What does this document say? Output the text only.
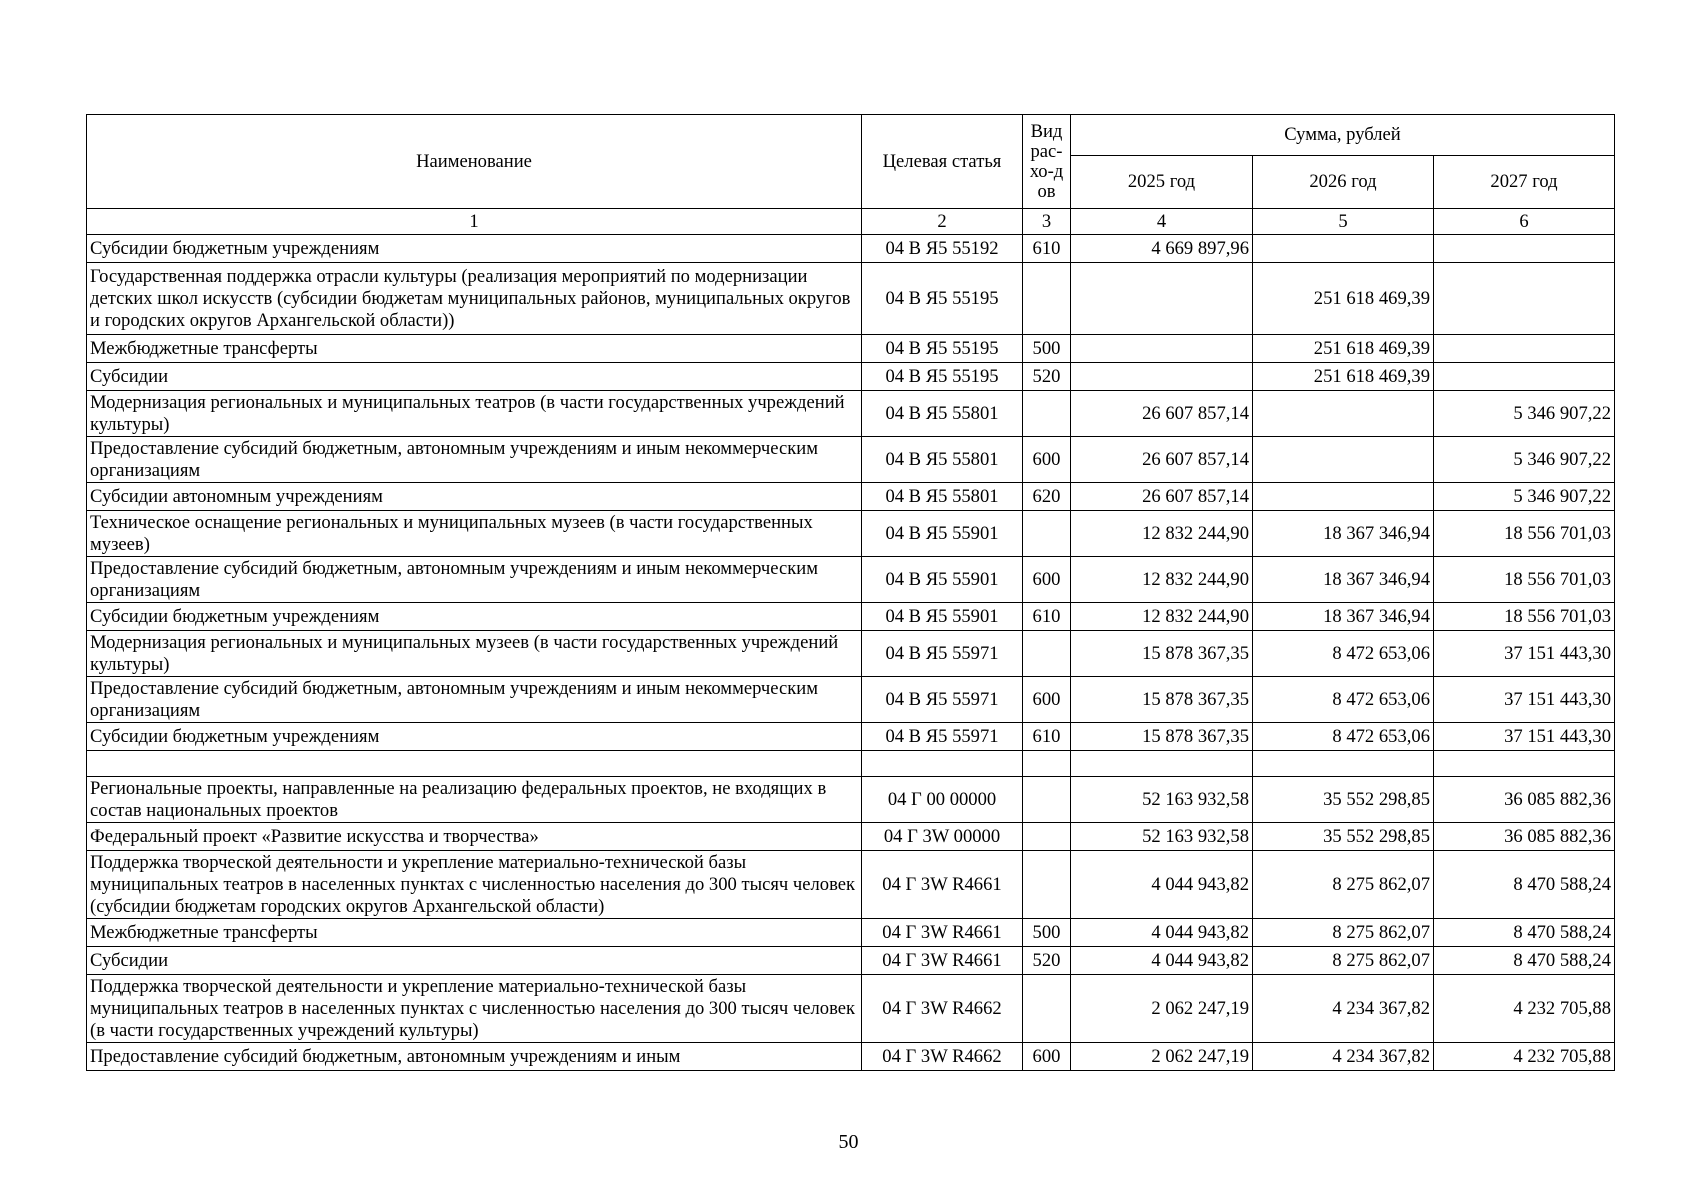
Наименование	Целевая статья	Вид рас-хо-дов	Сумма, рублей		
			2025 год	2026 год	2027 год
1	2	3	4	5	6
Субсидии бюджетным учреждениям	04 В Я5 55192	610	4 669 897,96		
Государственная поддержка отрасли культуры (реализация мероприятий по модернизации детских школ искусств (субсидии бюджетам муниципальных районов, муниципальных округов и городских округов Архангельской области))	04 В Я5 55195			251 618 469,39	
Межбюджетные трансферты	04 В Я5 55195	500		251 618 469,39	
Субсидии	04 В Я5 55195	520		251 618 469,39	
Модернизация региональных и муниципальных театров (в части государственных учреждений культуры)	04 В Я5 55801		26 607 857,14		5 346 907,22
Предоставление субсидий бюджетным, автономным учреждениям и иным некоммерческим организациям	04 В Я5 55801	600	26 607 857,14		5 346 907,22
Субсидии автономным учреждениям	04 В Я5 55801	620	26 607 857,14		5 346 907,22
Техническое оснащение региональных и муниципальных музеев (в части государственных музеев)	04 В Я5 55901		12 832 244,90	18 367 346,94	18 556 701,03
Предоставление субсидий бюджетным, автономным учреждениям и иным некоммерческим организациям	04 В Я5 55901	600	12 832 244,90	18 367 346,94	18 556 701,03
Субсидии бюджетным учреждениям	04 В Я5 55901	610	12 832 244,90	18 367 346,94	18 556 701,03
Модернизация региональных и муниципальных музеев (в части государственных учреждений культуры)	04 В Я5 55971		15 878 367,35	8 472 653,06	37 151 443,30
Предоставление субсидий бюджетным, автономным учреждениям и иным некоммерческим организациям	04 В Я5 55971	600	15 878 367,35	8 472 653,06	37 151 443,30
Субсидии бюджетным учреждениям	04 В Я5 55971	610	15 878 367,35	8 472 653,06	37 151 443,30

Региональные проекты, направленные на реализацию федеральных проектов, не входящих в состав национальных проектов	04 Г 00 00000		52 163 932,58	35 552 298,85	36 085 882,36
Федеральный проект «Развитие искусства и творчества»	04 Г 3W 00000		52 163 932,58	35 552 298,85	36 085 882,36
Поддержка творческой деятельности и укрепление материально-технической базы муниципальных театров в населенных пунктах с численностью населения до 300 тысяч человек (субсидии бюджетам городских округов Архангельской области)	04 Г 3W R4661		4 044 943,82	8 275 862,07	8 470 588,24
Межбюджетные трансферты	04 Г 3W R4661	500	4 044 943,82	8 275 862,07	8 470 588,24
Субсидии	04 Г 3W R4661	520	4 044 943,82	8 275 862,07	8 470 588,24
Поддержка творческой деятельности и укрепление материально-технической базы муниципальных театров в населенных пунктах с численностью населения до 300 тысяч человек (в части государственных учреждений культуры)	04 Г 3W R4662		2 062 247,19	4 234 367,82	4 232 705,88
Предоставление субсидий бюджетным, автономным учреждениям и иным	04 Г 3W R4662	600	2 062 247,19	4 234 367,82	4 232 705,88
50
